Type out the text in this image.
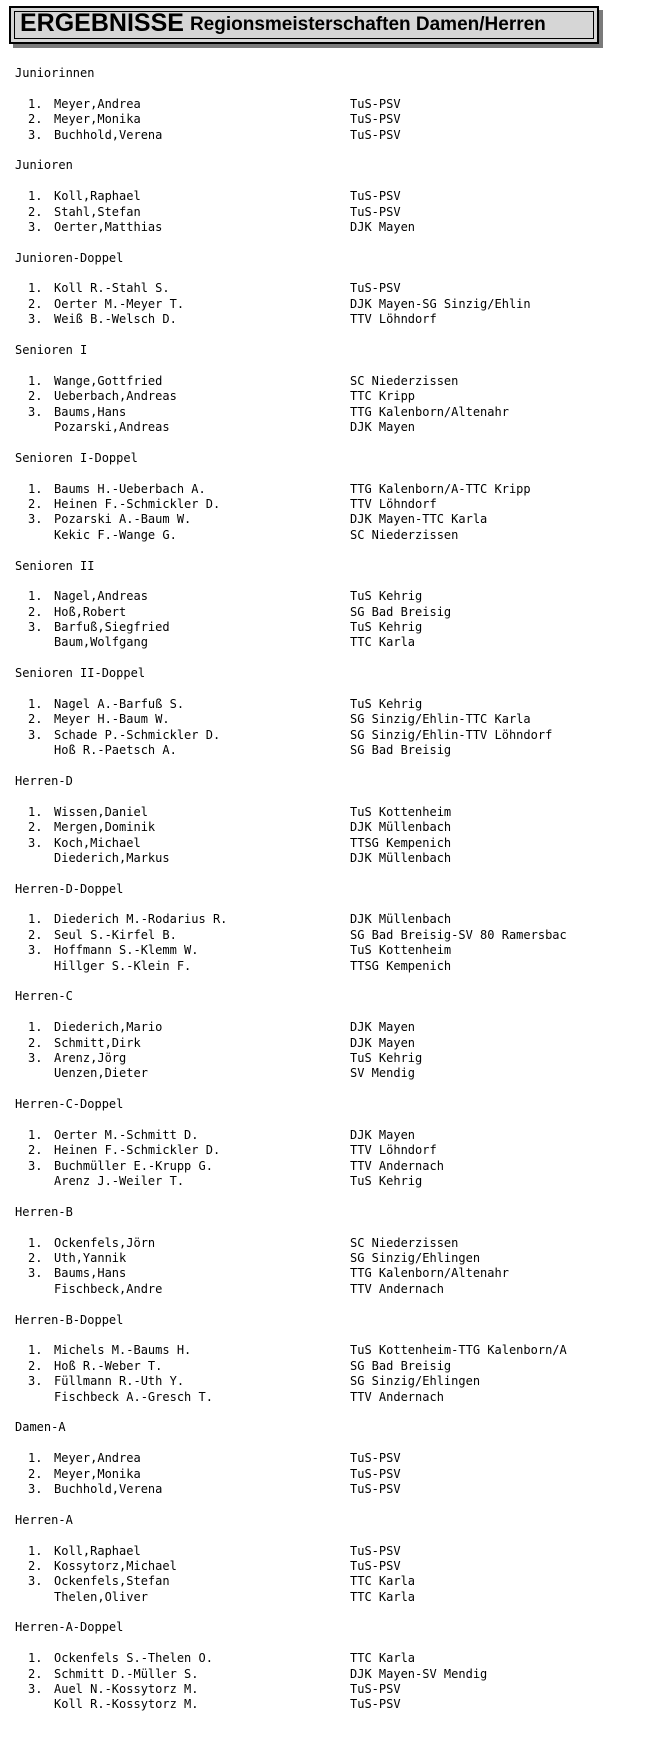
ERGEBNISSE Regionsmeisterschaften Damen/Herren
Juniorinnen
1. Meyer,Andrea	TuS-PSV
2. Meyer,Monika	TuS-PSV
3. Buchhold,Verena	TuS-PSV
Junioren
1. Koll,Raphael	TuS-PSV
2. Stahl,Stefan	TuS-PSV
3. Oerter,Matthias	DJK Mayen
Junioren-Doppel
1. Koll R.-Stahl S.	TuS-PSV
2. Oerter M.-Meyer T.	DJK Mayen-SG Sinzig/Ehlin
3. Weiß B.-Welsch D.	TTV Löhndorf
Senioren I
1. Wange,Gottfried	SC Niederzissen
2. Ueberbach,Andreas	TTC Kripp
3. Baums,Hans	TTG Kalenborn/Altenahr
Pozarski,Andreas	DJK Mayen
Senioren I-Doppel
1. Baums H.-Ueberbach A.	TTG Kalenborn/A-TTC Kripp
2. Heinen F.-Schmickler D.	TTV Löhndorf
3. Pozarski A.-Baum W.	DJK Mayen-TTC Karla
Kekic F.-Wange G.	SC Niederzissen
Senioren II
1. Nagel,Andreas	TuS Kehrig
2. Hoß,Robert	SG Bad Breisig
3. Barfuß,Siegfried	TuS Kehrig
Baum,Wolfgang	TTC Karla
Senioren II-Doppel
1. Nagel A.-Barfuß S.	TuS Kehrig
2. Meyer H.-Baum W.	SG Sinzig/Ehlin-TTC Karla
3. Schade P.-Schmickler D.	SG Sinzig/Ehlin-TTV Löhndorf
Hoß R.-Paetsch A.	SG Bad Breisig
Herren-D
1. Wissen,Daniel	TuS Kottenheim
2. Mergen,Dominik	DJK Müllenbach
3. Koch,Michael	TTSG Kempenich
Diederich,Markus	DJK Müllenbach
Herren-D-Doppel
1. Diederich M.-Rodarius R.	DJK Müllenbach
2. Seul S.-Kirfel B.	SG Bad Breisig-SV 80 Ramersbac
3. Hoffmann S.-Klemm W.	TuS Kottenheim
Hillger S.-Klein F.	TTSG Kempenich
Herren-C
1. Diederich,Mario	DJK Mayen
2. Schmitt,Dirk	DJK Mayen
3. Arenz,Jörg	TuS Kehrig
Uenzen,Dieter	SV Mendig
Herren-C-Doppel
1. Oerter M.-Schmitt D.	DJK Mayen
2. Heinen F.-Schmickler D.	TTV Löhndorf
3. Buchmüller E.-Krupp G.	TTV Andernach
Arenz J.-Weiler T.	TuS Kehrig
Herren-B
1. Ockenfels,Jörn	SC Niederzissen
2. Uth,Yannik	SG Sinzig/Ehlingen
3. Baums,Hans	TTG Kalenborn/Altenahr
Fischbeck,Andre	TTV Andernach
Herren-B-Doppel
1. Michels M.-Baums H.	TuS Kottenheim-TTG Kalenborn/A
2. Hoß R.-Weber T.	SG Bad Breisig
3. Füllmann R.-Uth Y.	SG Sinzig/Ehlingen
Fischbeck A.-Gresch T.	TTV Andernach
Damen-A
1. Meyer,Andrea	TuS-PSV
2. Meyer,Monika	TuS-PSV
3. Buchhold,Verena	TuS-PSV
Herren-A
1. Koll,Raphael	TuS-PSV
2. Kossytorz,Michael	TuS-PSV
3. Ockenfels,Stefan	TTC Karla
Thelen,Oliver	TTC Karla
Herren-A-Doppel
1. Ockenfels S.-Thelen O.	TTC Karla
2. Schmitt D.-Müller S.	DJK Mayen-SV Mendig
3. Auel N.-Kossytorz M.	TuS-PSV
Koll R.-Kossytorz M.	TuS-PSV
